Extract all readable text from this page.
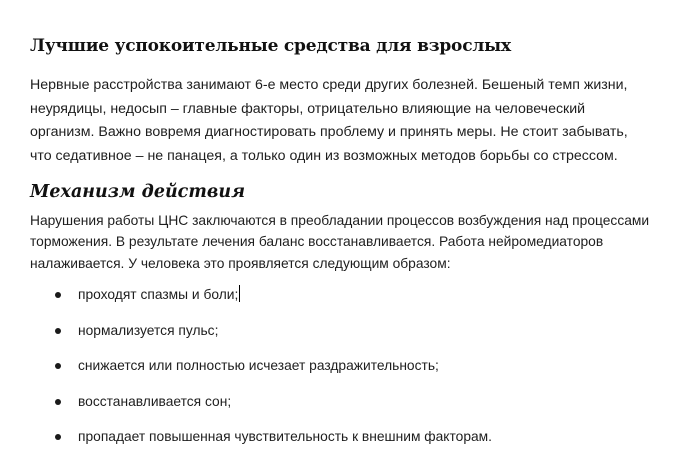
Лучшие успокоительные средства для взрослых
Нервные расстройства занимают 6-е место среди других болезней. Бешеный темп жизни,
неурядицы, недосып – главные факторы, отрицательно влияющие на человеческий
организм. Важно вовремя диагностировать проблему и принять меры. Не стоит забывать,
что седативное – не панацея, а только один из возможных методов борьбы со стрессом.
Механизм действия
Нарушения работы ЦНС заключаются в преобладании процессов возбуждения над процессами
торможения. В результате лечения баланс восстанавливается. Работа нейромедиаторов
налаживается. У человека это проявляется следующим образом:
проходят спазмы и боли;
нормализуется пульс;
снижается или полностью исчезает раздражительность;
восстанавливается сон;
пропадает повышенная чувствительность к внешним факторам.
